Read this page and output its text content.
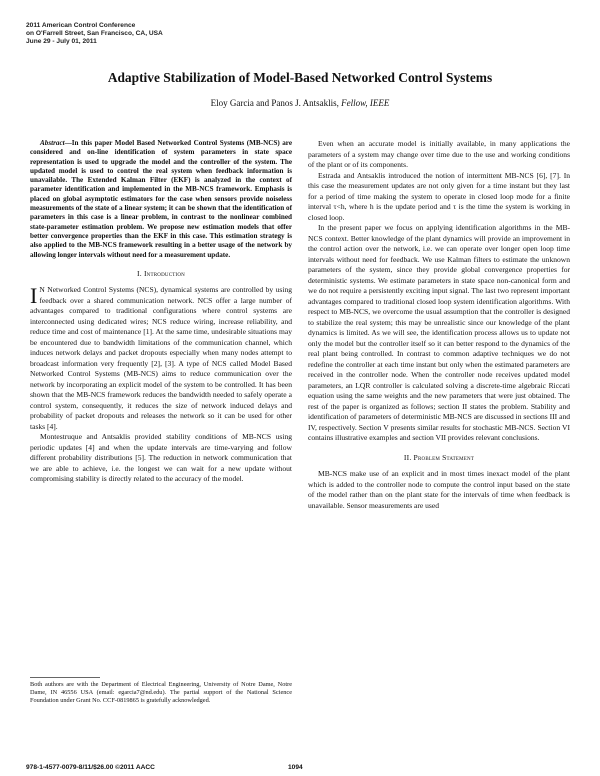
2011 American Control Conference
on O'Farrell Street, San Francisco, CA, USA
June 29 - July 01, 2011
Adaptive Stabilization of Model-Based Networked Control Systems
Eloy Garcia and Panos J. Antsaklis, Fellow, IEEE

Abstract—In this paper Model Based Networked Control Systems (MB-NCS) are considered and on-line identification of system parameters in state space representation is used to upgrade the model and the controller of the system. The updated model is used to control the real system when feedback information is unavailable. The Extended Kalman Filter (EKF) is analyzed in the context of parameter identification and implemented in the MB-NCS framework. Emphasis is placed on global asymptotic estimators for the case when sensors provide noiseless measurements of the state of a linear system; it can be shown that the identification of parameters in this case is a linear problem, in contrast to the nonlinear combined state-parameter estimation problem. We propose new estimation models that offer better convergence properties than the EKF in this case. This estimation strategy is also applied to the MB-NCS framework resulting in a better usage of the network by allowing longer intervals without need for a measurement update.

I. Introduction

I N Networked Control Systems (NCS), dynamical systems are controlled by using feedback over a shared communication network. NCS offer a large number of advantages compared to traditional configurations where control systems are interconnected using dedicated wires; NCS reduce wiring, increase reliability, and reduce time and cost of maintenance [1]. At the same time, undesirable situations may be encountered due to bandwidth limitations of the communication channel, which induces network delays and packet dropouts especially when many nodes attempt to broadcast information very frequently [2], [3]. A type of NCS called Model Based Networked Control Systems (MB-NCS) aims to reduce communication over the network by incorporating an explicit model of the system to be controlled. It has been shown that the MB-NCS framework reduces the bandwidth needed to safely operate a control system, consequently, it reduces the size of network induced delays and probability of packet dropouts and releases the network so it can be used for other tasks [4].

Montestruque and Antsaklis provided stability conditions of MB-NCS using periodic updates [4] and when the update intervals are time-varying and follow different probability distributions [5]. The reduction in network communication that we are able to achieve, i.e. the longest we can wait for a new update without compromising stability is directly related to the accuracy of the model.

Both authors are with the Department of Electrical Engineering, University of Notre Dame, Notre Dame, IN 46556 USA (email: egarcia7@nd.edu). The partial support of the National Science Foundation under Grant No. CCF-0819865 is gratefully acknowledged.

Even when an accurate model is initially available, in many applications the parameters of a system may change over time due to the use and working conditions of the plant or of its components.

Estrada and Antsaklis introduced the notion of intermittent MB-NCS [6], [7]. In this case the measurement updates are not only given for a time instant but they last for a period of time making the system to operate in closed loop mode for a finite interval τ<h, where h is the update period and τ is the time the system is working in closed loop.

In the present paper we focus on applying identification algorithms in the MB-NCS context. Better knowledge of the plant dynamics will provide an improvement in the control action over the network, i.e. we can operate over longer open loop time intervals without need for feedback. We use Kalman filters to estimate the unknown parameters of the system, since they provide global convergence properties for deterministic systems. We estimate parameters in state space non-canonical form and we do not require a persistently exciting input signal. The last two represent important advantages compared to traditional closed loop system identification algorithms. With respect to MB-NCS, we overcome the usual assumption that the controller is designed to stabilize the real system; this may be unrealistic since our knowledge of the plant dynamics is limited. As we will see, the identification process allows us to update not only the model but the controller itself so it can better respond to the dynamics of the real plant being controlled. In contrast to common adaptive techniques we do not redefine the controller at each time instant but only when the estimated parameters are received in the controller node. When the controller node receives updated model parameters, an LQR controller is calculated solving a discrete-time algebraic Riccati equation using the same weights and the new parameters that were just obtained. The rest of the paper is organized as follows; section II states the problem. Stability and identification of parameters of deterministic MB-NCS are discussed in sections III and IV, respectively. Section V presents similar results for stochastic MB-NCS. Section VI contains illustrative examples and section VII provides relevant conclusions.

II. Problem Statement

MB-NCS make use of an explicit and in most times inexact model of the plant which is added to the controller node to compute the control input based on the state of the model rather than on the plant state for the intervals of time when feedback is unavailable. Sensor measurements are used

978-1-4577-0079-8/11/$26.00 ©2011 AACC	1094
